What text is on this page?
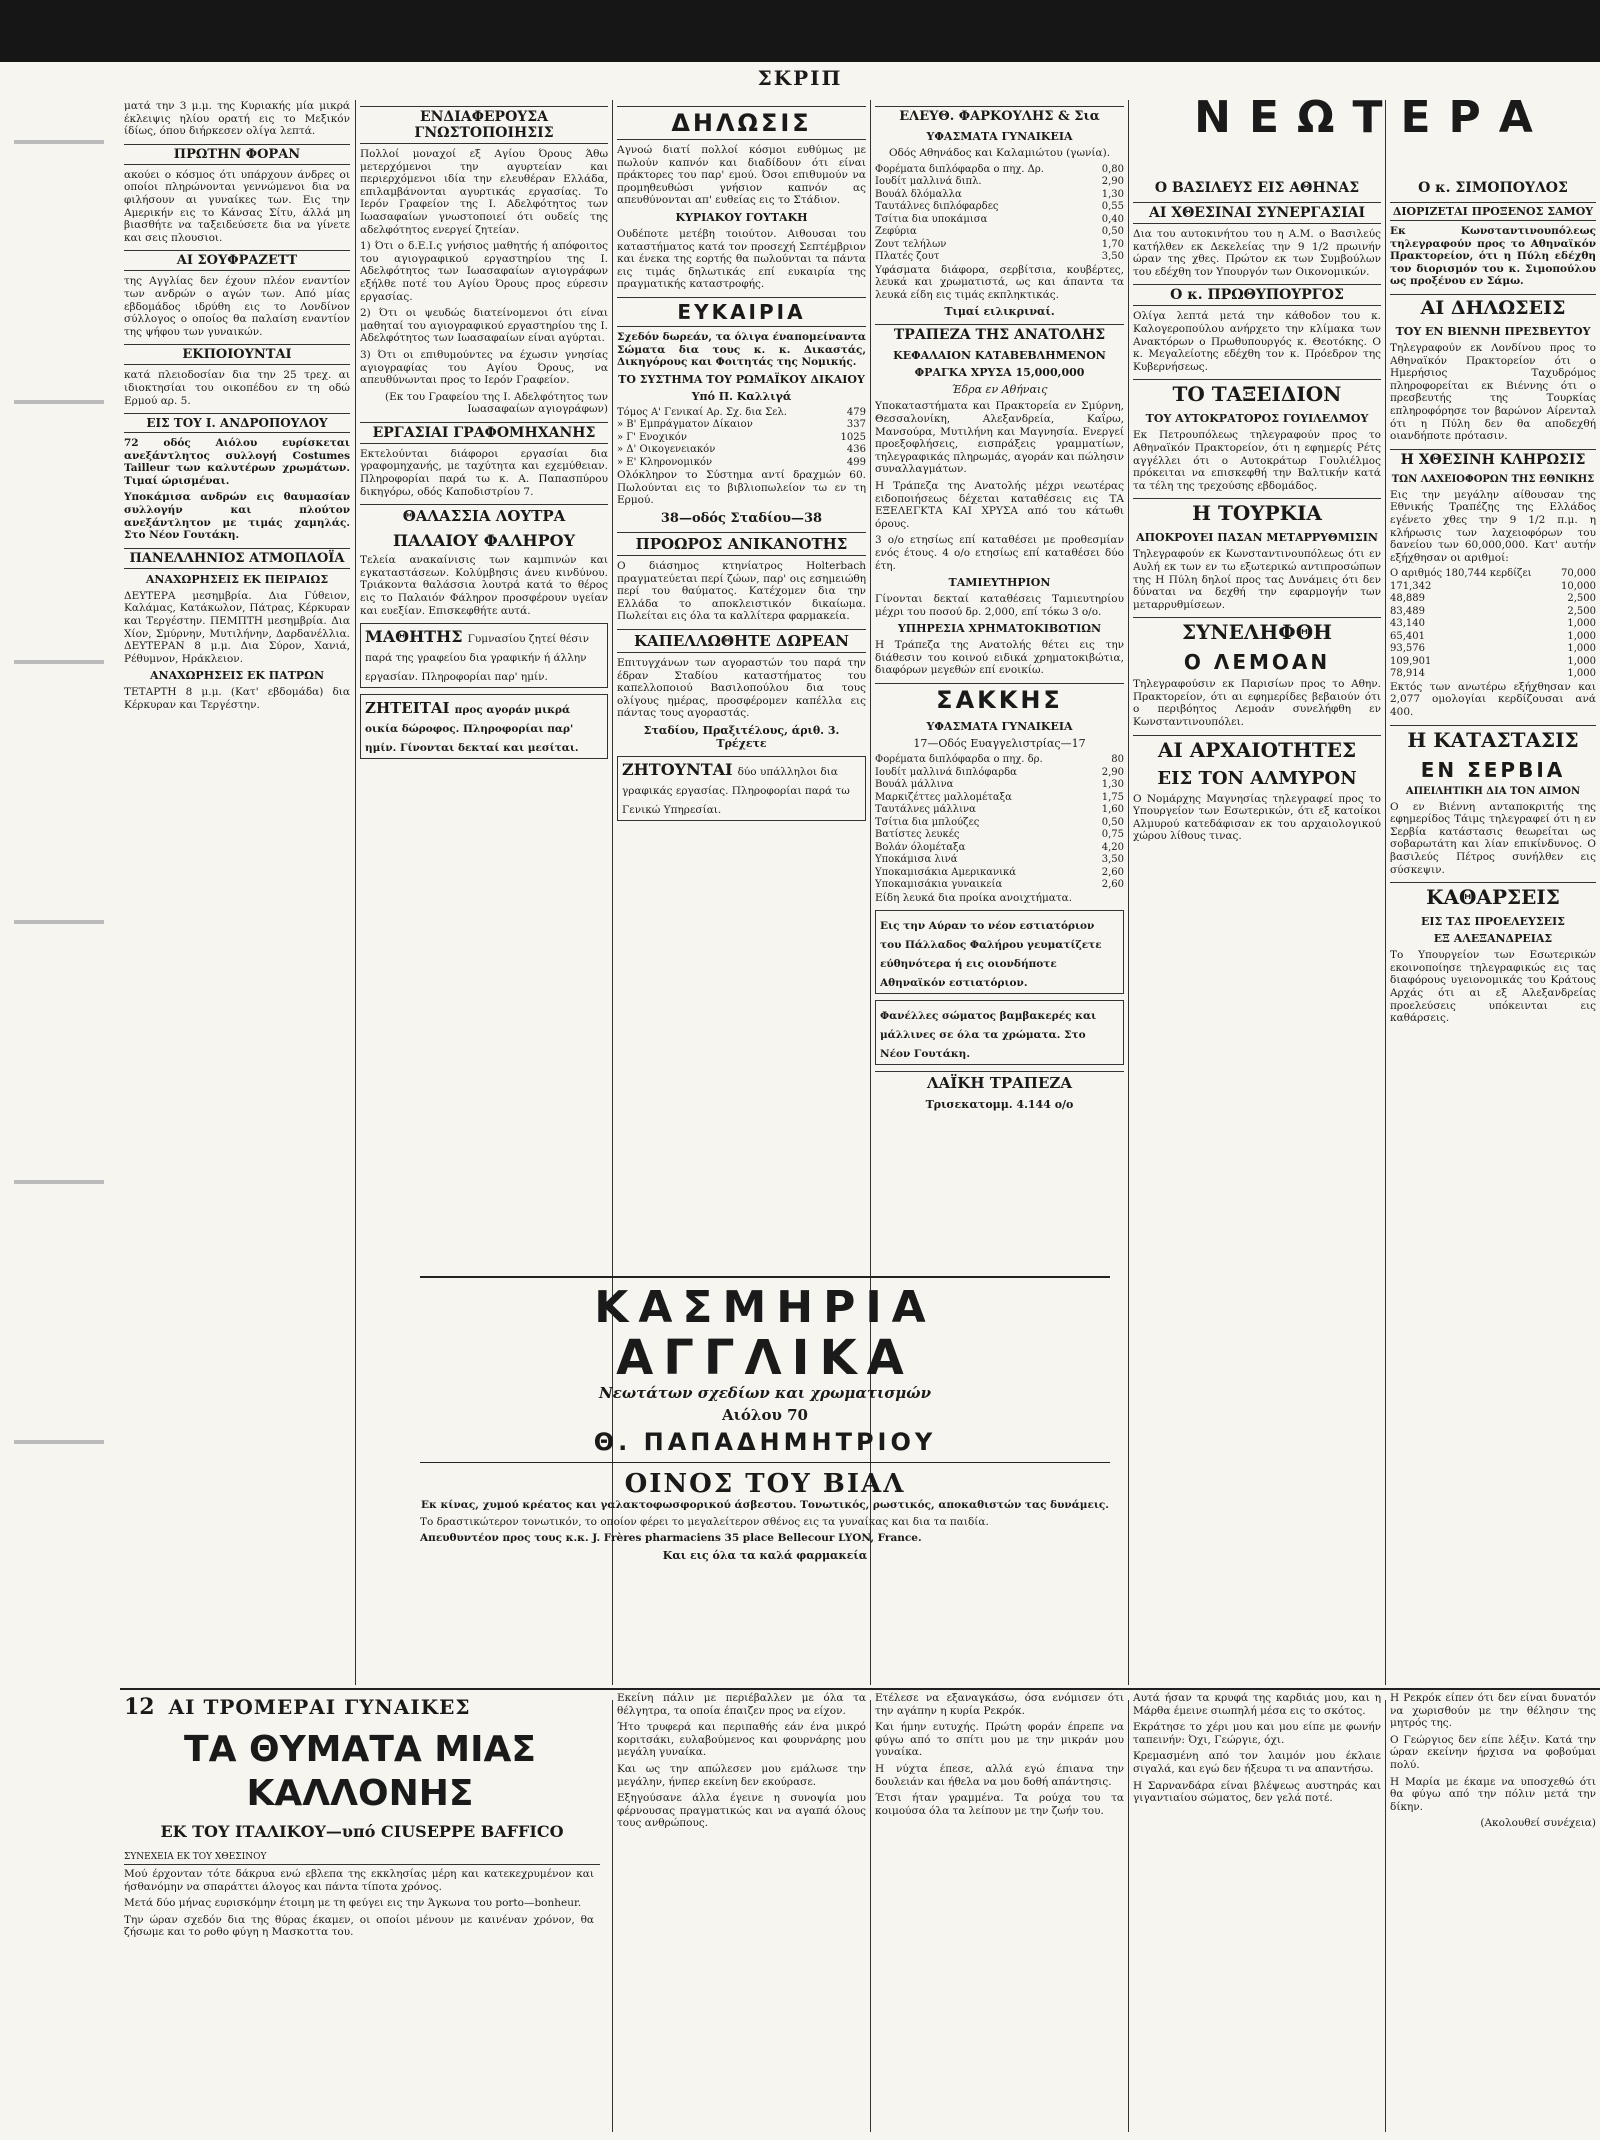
ΣΚΡΙΠ

ματά την 3 μ.μ. της Κυριακής μία μικρά έκλειψις ηλίου ορατή εις το Μεξικόν ίδίως, όπου διήρκεσεν ολίγα λεπτά.

ΠΡΩΤΗΝ ΦΟΡΑΝ

ακούει ο κόσμος ότι υπάρχουν άνδρες οι οποίοι πληρώνονται γεννώμενοι δια να φιλήσουν αι γυναίκες των. Εις την Αμερικήν εις το Κάνσας Σίτυ, άλλά μη βιασθήτε να ταξειδεύσετε δια να γίνετε και σεις πλουσιοι.

ΑΙ ΣΟΥΦΡΑΖΕΤΤ

της Αγγλίας δεν έχουν πλέον εναντίον των ανδρών ο αγών των. Από μίας εβδομάδος ιδρύθη εις το Λονδίνον σύλλογος ο οποίος θα παλαίση εναντίον της ψήφου των γυναικών.

ΕΚΠΟΙΟΥΝΤΑΙ

κατά πλειοδοσίαν δια την 25 τρεχ. αι ιδιοκτησίαι του οικοπέδου εν τη οδώ Ερμού αρ. 5.

ΕΙΣ ΤΟΥ Ι. ΑΝΔΡΟΠΟΥΛΟΥ

72 οδός Αιόλου ευρίσκεται ανεξάντλητος συλλογή Costumes Tailleur των καλυτέρων χρωμάτων. Τιμαί ώρισμέναι.

Υποκάμισα ανδρών εις θαυμασίαν συλλογήν και πλούτον ανεξάντλητον με τιμάς χαμηλάς. Στο Νέον Γουτάκη.

ΠΑΝΕΛΛΗΝΙΟΣ ΑΤΜΟΠΛΟΪΑ
ΑΝΑΧΩΡΗΣΕΙΣ ΕΚ ΠΕΙΡΑΙΩΣ

ΔΕΥΤΕΡΑ μεσημβρία. Δια Γύθειον, Καλάμας, Κατάκωλον, Πάτρας, Κέρκυραν και Τεργέστην. ΠΕΜΠΤΗ μεσημβρία. Δια Χίον, Σμύρνην, Μυτιλήνην, Δαρδανέλλια. ΔΕΥΤΕΡΑΝ 8 μ.μ. Δια Σύρον, Χανιά, Ρέθυμνον, Ηράκλειον.

ΑΝΑΧΩΡΗΣΕΙΣ ΕΚ ΠΑΤΡΩΝ

ΤΕΤΑΡΤΗ 8 μ.μ. (Κατ' εβδομάδα) δια Κέρκυραν και Τεργέστην.

ΕΝΔΙΑΦΕΡΟΥΣΑ ΓΝΩΣΤΟΠΟΙΗΣΙΣ

Πολλοί μοναχοί εξ Αγίου Όρους Άθω μετερχόμενοι την αγυρτείαν και περιερχόμενοι ιδία την ελευθέραν Ελλάδα, επιλαμβάνονται αγυρτικάς εργασίας. Το Ιερόν Γραφείον της Ι. Αδελφότητος των Ιωασαφαίων γνωστοποιεί ότι ουδείς της αδελφότητος ενεργεί ζητείαν.

1) Ότι ο δ.Ε.Ι.ς γνήσιος μαθητής ή απόφοιτος του αγιογραφικού εργαστηρίου της Ι. Αδελφότητος των Ιωασαφαίων αγιογράφων εξήλθε ποτέ του Αγίου Όρους προς εύρεσιν εργασίας.

2) Ότι οι ψευδώς διατείνομενοι ότι είναι μαθηταί του αγιογραφικού εργαστηρίου της Ι. Αδελφότητος των Ιωασαφαίων είναι αγύρται.

3) Ότι οι επιθυμούντες να έχωσιν γνησίας αγιογραφίας του Αγίου Όρους, να απευθύνωνται προς το Ιερόν Γραφείον.

(Εκ του Γραφείου της Ι. Αδελφότητος των Ιωασαφαίων αγιογράφων)

ΕΡΓΑΣΙΑΙ ΓΡΑΦΟΜΗΧΑΝΗΣ

Εκτελούνται διάφοροι εργασίαι δια γραφομηχανής, με ταχύτητα και εχεμύθειαν. Πληροφορίαι παρά τω κ. Α. Παπασπύρου δικηγόρω, οδός Καποδιστρίου 7.

ΘΑΛΑΣΣΙΑ ΛΟΥΤΡΑ
ΠΑΛΑΙΟΥ ΦΑΛΗΡΟΥ

Τελεία ανακαίνισις των καμπινών και εγκαταστάσεων. Κολύμβησις άνευ κινδύνου. Τριάκοντα θαλάσσια λουτρά κατά το θέρος εις το Παλαιόν Φάληρον προσφέρουν υγείαν και ευεξίαν. Επισκεφθήτε αυτά.

ΜΑΘΗΤΗΣ Γυμνασίου ζητεί θέσιν παρά της γραφείου δια γραφικήν ή άλλην εργασίαν. Πληροφορίαι παρ' ημίν.
ΖΗΤΕΙΤΑΙ προς αγοράν μικρά οικία δώροφος. Πληροφορίαι παρ' ημίν. Γίνονται δεκταί και μεσίται.
ΔΗΛΩΣΙΣ

Αγνοώ διατί πολλοί κόσμοι ευθύμως με πωλούν καπνόν και διαδίδουν ότι είναι πράκτορες του παρ' εμού. Όσοι επιθυμούν να προμηθευθώσι γνήσιον καπνόν ας απευθύνονται απ' ευθείας εις το Στάδιον.

ΚΥΡΙΑΚΟΥ ΓΟΥΤΑΚΗ

Ουδέποτε μετέβη τοιούτον. Αιθουσαι του καταστήματος κατά τον προσεχή Σεπτέμβριον και ένεκα της εορτής θα πωλούνται τα πάντα εις τιμάς δηλωτικάς επί ευκαιρία της πραγματικής καταστροφής.

ΕΥΚΑΙΡΙΑ

Σχεδόν δωρεάν, τα όλιγα έναπομείναντα Σώματα δια τους κ. κ. Δικαστάς, Δικηγόρους και Φοιτητάς της Νομικής.

ΤΟ ΣΥΣΤΗΜΑ ΤΟΥ ΡΩΜΑΪΚΟΥ ΔΙΚΑΙΟΥ
Υπό Π. Καλλιγά
Τόμος Α' Γενικαί Αρ. Σχ. δια Σελ.	479
» Β' Εμπράγματον Δίκαιον	337
» Γ' Ενοχικόν	1025
» Δ' Οικογενειακόν	436
» Ε' Κληρονομικόν	499

Ολόκληρον το Σύστημα αντί δραχμών 60. Πωλούνται εις το βιβλιοπωλείον τω εν τη Ερμού.

38—οδός Σταδίου—38
ΠΡΟΩΡΟΣ ΑΝΙΚΑΝΟΤΗΣ

Ο διάσημος κτηνίατρος Holterbach πραγματεύεται περί ζώων, παρ' οις εσημειώθη περί του θαύματος. Κατέχομεν δια την Ελλάδα το αποκλειστικόν δικαίωμα. Πωλείται εις όλα τα καλλίτερα φαρμακεία.

ΚΑΠΕΛΛΩΘΗΤΕ ΔΩΡΕΑΝ

Επιτυγχάνων των αγοραστών του παρά την έδραν Σταδίου καταστήματος του καπελλοποιού Βασιλοπούλου δια τους ολίγους ημέρας, προσφέρομεν καπέλλα εις πάντας τους αγοραστάς.

Σταδίου, Πραξιτέλους, άριθ. 3. Τρέχετε
ΖΗΤΟΥΝΤΑΙ δύο υπάλληλοι δια γραφικάς εργασίας. Πληροφορίαι παρά τω Γενικώ Υπηρεσίαι.
ΕΛΕΥΘ. ΦΑΡΚΟΥΛΗΣ & Σια
ΥΦΑΣΜΑΤΑ ΓΥΝΑΙΚΕΙΑ

Οδός Αθηνάδος και Καλαμιώτου (γωνία).

Φορέματα διπλόφαρδα ο πηχ. Δρ.	0,80
Ιουδίτ μαλλινά διπλ.	2,90
Βουάλ δλόμαλλα	1,30
Ταυτάλνες διπλόφαρδες	0,55
Τσίτια δια υποκάμισα	0,40
Ζεφύρια	0,50
Ζουτ τελήλων	1,70
Πλατές ζουτ	3,50

Υφάσματα διάφορα, σερβίτσια, κουβέρτες, λευκά και χρωματιστά, ως και άπαντα τα λευκά είδη εις τιμάς εκπληκτικάς.

Τιμαί ειλικριναί.
ΤΡΑΠΕΖΑ ΤΗΣ ΑΝΑΤΟΛΗΣ
ΚΕΦΑΛΑΙΟΝ ΚΑΤΑΒΕΒΛΗΜΕΝΟΝ
ΦΡΑΓΚΑ ΧΡΥΣΑ 15,000,000
Έδρα εν Αθήναις

Υποκαταστήματα και Πρακτορεία εν Σμύρνη, Θεσσαλονίκη, Αλεξανδρεία, Καΐρω, Μανσούρα, Μυτιλήνη και Μαγνησία. Ενεργεί προεξοφλήσεις, εισπράξεις γραμματίων, τηλεγραφικάς πληρωμάς, αγοράν και πώλησιν συναλλαγμάτων.

Η Τράπεζα της Ανατολής μέχρι νεωτέρας ειδοποιήσεως δέχεται καταθέσεις εις ΤΑ ΕΞΕΛΕΓΚΤΑ ΚΑΙ ΧΡΥΣΑ από του κάτωθι όρους.

3 ο/ο ετησίως επί καταθέσει με προθεσμίαν ενός έτους. 4 ο/ο ετησίως επί καταθέσει δύο έτη.

ΤΑΜΙΕΥΤΗΡΙΟΝ

Γίνονται δεκταί καταθέσεις Ταμιευτηρίου μέχρι του ποσού δρ. 2,000, επί τόκω 3 ο/ο.

ΥΠΗΡΕΣΙΑ ΧΡΗΜΑΤΟΚΙΒΩΤΙΩΝ

Η Τράπεζα της Ανατολής θέτει εις την διάθεσιν του κοινού ειδικά χρηματοκιβώτια, διαφόρων μεγεθών επί ενοικίω.

ΣΑΚΚΗΣ
ΥΦΑΣΜΑΤΑ ΓΥΝΑΙΚΕΙΑ
17—Οδός Ευαγγελιστρίας—17
Φορέματα διπλόφαρδα ο πηχ. δρ.	80
Ιουδίτ μαλλινά διπλόφαρδα	2,90
Βουάλ μάλλινα	1,30
Μαρκιζέττες μαλλομέταξα	1,75
Ταυτάλνες μάλλινα	1,60
Τσίτια δια μπλούζες	0,50
Βατίστες λευκές	0,75
Βολάν όλομέταξα	4,20
Υποκάμισα λινά	3,50
Υποκαμισάκια Αμερικανικά	2,60
Υποκαμισάκια γυναικεία	2,60

Είδη λευκά δια προίκα ανοιχτήματα.

Εις την Αύραν το νέον εστιατόριον του Πάλλαδος Φαλήρου γευματίζετε εύθηνότερα ή εις οιονδήποτε Αθηναϊκόν εστιατόριον.
Φανέλλες σώματος βαμβακερές και μάλλινες σε όλα τα χρώματα. Στο Νέον Γουτάκη.
ΛΑΪΚΗ ΤΡΑΠΕΖΑ
Τρισεκατομμ. 4.144 ο/ο
ΚΑΣΜΗΡΙΑ
ΑΓΓΛΙΚΑ
Νεωτάτων σχεδίων και χρωματισμών
Αιόλου 70
Θ. ΠΑΠΑΔΗΜΗΤΡΙΟΥ
ΟΙΝΟΣ ΤΟΥ ΒΙΑΛ

Εκ κίνας, χυμού κρέατος και γαλακτοφωσφορικού άσβεστου. Τονωτικός, ρωστικός, αποκαθιστών τας δυνάμεις.

Το δραστικώτερον τονωτικόν, το οποίον φέρει το μεγαλείτερον σθένος εις τα γυναίκας και δια τα παιδία.

Απευθυντέον προς τους κ.κ. J. Frères pharmaciens 35 place Bellecour LYON, France.

Και εις όλα τα καλά φαρμακεία
Ο ΒΑΣΙΛΕΥΣ ΕΙΣ ΑΘΗΝΑΣ
ΑΙ ΧΘΕΣΙΝΑΙ ΣΥΝΕΡΓΑΣΙΑΙ

Δια του αυτοκινήτου του η Α.Μ. ο Βασιλεύς κατήλθεν εκ Δεκελείας την 9 1/2 πρωινήν ώραν της χθες. Πρώτον εκ των Συμβούλων του εδέχθη τον Υπουργόν των Οικονομικών.

Ο κ. ΠΡΩΘΥΠΟΥΡΓΟΣ

Ολίγα λεπτά μετά την κάθοδον του κ. Καλογεροπούλου ανήρχετο την κλίμακα των Ανακτόρων ο Πρωθυπουργός κ. Θεοτόκης. Ο κ. Μεγαλείοτης εδέχθη τον κ. Πρόεδρον της Κυβερνήσεως.

ΤΟ ΤΑΞΕΙΔΙΟΝ
ΤΟΥ ΑΥΤΟΚΡΑΤΟΡΟΣ ΓΟΥΙΛΕΛΜΟΥ

Εκ Πετρουπόλεως τηλεγραφούν προς το Αθηναϊκόν Πρακτορείον, ότι η εφημερίς Ρέτς αγγέλλει ότι ο Αυτοκράτωρ Γουλιέλμος πρόκειται να επισκεφθή την Βαλτικήν κατά τα τέλη της τρεχούσης εβδομάδος.

Η ΤΟΥΡΚΙΑ
ΑΠΟΚΡΟΥΕΙ ΠΑΣΑΝ ΜΕΤΑΡΡΥΘΜΙΣΙΝ

Τηλεγραφούν εκ Κωνσταντινουπόλεως ότι εν Αυλή εκ των εν τω εξωτερικώ αντιπροσώπων της Η Πύλη δηλοί προς τας Δυνάμεις ότι δεν δύναται να δεχθή την εφαρμογήν των μεταρρυθμίσεων.

ΣΥΝΕΛΗΦΘΗ
Ο ΛΕΜΟΑΝ

Τηλεγραφούσιν εκ Παρισίων προς το Αθην. Πρακτορείον, ότι αι εφημερίδες βεβαιούν ότι ο περιβόητος Λεμοάν συνελήφθη εν Κωνσταντινουπόλει.

ΑΙ ΑΡΧΑΙΟΤΗΤΕΣ
ΕΙΣ ΤΟΝ ΑΛΜΥΡΟΝ

Ο Νομάρχης Μαγνησίας τηλεγραφεί προς το Υπουργείον των Εσωτερικών, ότι εξ κατοίκοι Αλμυρού κατεδάφισαν εκ του αρχαιολογικού χώρου λίθους τινας.

ΝΕΩΤΕΡΑ
Ο κ. ΣΙΜΟΠΟΥΛΟΣ
ΔΙΟΡΙΖΕΤΑΙ ΠΡΟΞΕΝΟΣ ΣΑΜΟΥ

Εκ Κωνσταντινουπόλεως τηλεγραφούν προς το Αθηναϊκόν Πρακτορείον, ότι η Πύλη εδέχθη τον διορισμόν του κ. Σιμοπούλου ως προξένου εν Σάμω.

ΑΙ ΔΗΛΩΣΕΙΣ
ΤΟΥ ΕΝ ΒΙΕΝΝΗ ΠΡΕΣΒΕΥΤΟΥ

Τηλεγραφούν εκ Λονδίνου προς το Αθηναϊκόν Πρακτορείον ότι ο Ημερήσιος Ταχυδρόμος πληροφορείται εκ Βιέννης ότι ο πρεσβευτής της Τουρκίας επληροφόρησε τον βαρώνον Αίρενταλ ότι η Πύλη δεν θα αποδεχθή οιανδήποτε πρότασιν.

Η ΧΘΕΣΙΝΗ ΚΛΗΡΩΣΙΣ
ΤΩΝ ΛΑΧΕΙΟΦΟΡΩΝ ΤΗΣ ΕΘΝΙΚΗΣ

Εις την μεγάλην αίθουσαν της Εθνικής Τραπέζης της Ελλάδος εγένετο χθες την 9 1/2 π.μ. η κλήρωσις των λαχειοφόρων του δανείου των 60,000,000. Κατ' αυτήν εξήχθησαν οι αριθμοί:

Ο αριθμός 180,744 κερδίζει	70,000
171,342	10,000
48,889	2,500
83,489	2,500
43,140	1,000
65,401	1,000
93,576	1,000
109,901	1,000
78,914	1,000

Εκτός των ανωτέρω εξήχθησαν και 2,077 ομολογίαι κερδίζουσαι ανά 400.

Η ΚΑΤΑΣΤΑΣΙΣ
ΕΝ ΣΕΡΒΙΑ
ΑΠΕΙΛΗΤΙΚΗ ΔΙΑ ΤΟΝ ΑΙΜΟΝ

Ο εν Βιέννη ανταποκριτής της εφημερίδος Τάιμς τηλεγραφεί ότι η εν Σερβία κατάστασις θεωρείται ως σοβαρωτάτη και λίαν επικίνδυνος. Ο βασιλεύς Πέτρος συνήλθεν εις σύσκεψιν.

ΚΑΘΑΡΣΕΙΣ
ΕΙΣ ΤΑΣ ΠΡΟΕΛΕΥΣΕΙΣ
ΕΞ ΑΛΕΞΑΝΔΡΕΙΑΣ

Το Υπουργείον των Εσωτερικών εκοινοποίησε τηλεγραφικώς εις τας διαφόρους υγειονομικάς του Κράτους Αρχάς ότι αι εξ Αλεξανδρείας προελεύσεις υπόκεινται εις καθάρσεις.

12 ΑΙ ΤΡΟΜΕΡΑΙ ΓΥΝΑΙΚΕΣ
ΤΑ ΘΥΜΑΤΑ ΜΙΑΣ ΚΑΛΛΟΝΗΣ
ΕΚ ΤΟΥ ΙΤΑΛΙΚΟΥ—υπό CIUSEPPE BAFFICO
ΣΥΝΕΧΕΙΑ ΕΚ ΤΟΥ ΧΘΕΣΙΝΟΥ

Μού έρχονταν τότε δάκρυα ενώ εβλεπα της εκκλησίας μέρη και κατεκεχρυμένον και ήσθανόμην να σπαράττει άλογος και πάντα τίποτα χρόνος.

Μετά δύο μήνας ευρισκόμην έτοιμη με τη φεύγει εις την Άγκωνα του porto—bonheur.

Την ώραν σχεδόν δια της θύρας έκαμεν, οι οποίοι μένουν με καινέναν χρόνον, θα ζήσωμε και το ροθο φύγη η Μασκοττα του.

Εκείνη πάλιν με περιέβαλλεν με όλα τα θέλγητρα, τα οποία έπαιζεν προς να είχον.

Ήτο τρυφερά και περιπαθής εάν ένα μικρό κοριτσάκι, ευλαβούμενος και φουρνάρης μου μεγάλη γυναίκα.

Και ως την απώλεσεν μου εμάλωσε την μεγάλην, ήνπερ εκείνη δεν εκούρασε.

Εξηγούσανε άλλα έγεινε η συνοψία μου φέρνουσας πραγματικώς και να αγαπά όλους τους ανθρώπους.

Ετέλεσε να εξαναγκάσω, όσα ενόμισεν ότι την αγάπην η κυρία Ρεκρόκ.

Και ήμην ευτυχής. Πρώτη φοράν έπρεπε να φύγω από το σπίτι μου με την μικράν μου γυναίκα.

Η νύχτα έπεσε, αλλά εγώ έπιανα την δουλειάν και ήθελα να μου δοθή απάντησις.

Έτσι ήταν γραμμένα. Τα ρούχα του τα κοιμούσα όλα τα λείπουν με την ζωήν του.

Αυτά ήσαν τα κρυφά της καρδιάς μου, και η Μάρθα έμεινε σιωπηλή μέσα εις το σκότος.

Εκράτησε το χέρι μου και μου είπε με φωνήν ταπεινήν: Όχι, Γεώργιε, όχι.

Κρεμασμένη από τον λαιμόν μου έκλαιε σιγαλά, και εγώ δεν ήξευρα τι να απαντήσω.

Η Σαρνανδάρα είναι βλέψεως αυστηράς και γιγαντιαίου σώματος, δεν γελά ποτέ.

Η Ρεκρόκ είπεν ότι δεν είναι δυνατόν να χωρισθούν με την θέλησιν της μητρός της.

Ο Γεώργιος δεν είπε λέξιν. Κατά την ώραν εκείνην ήρχισα να φοβούμαι πολύ.

Η Μαρία με έκαμε να υποσχεθώ ότι θα φύγω από την πόλιν μετά την δίκην.

(Ακολουθεί συνέχεια)
